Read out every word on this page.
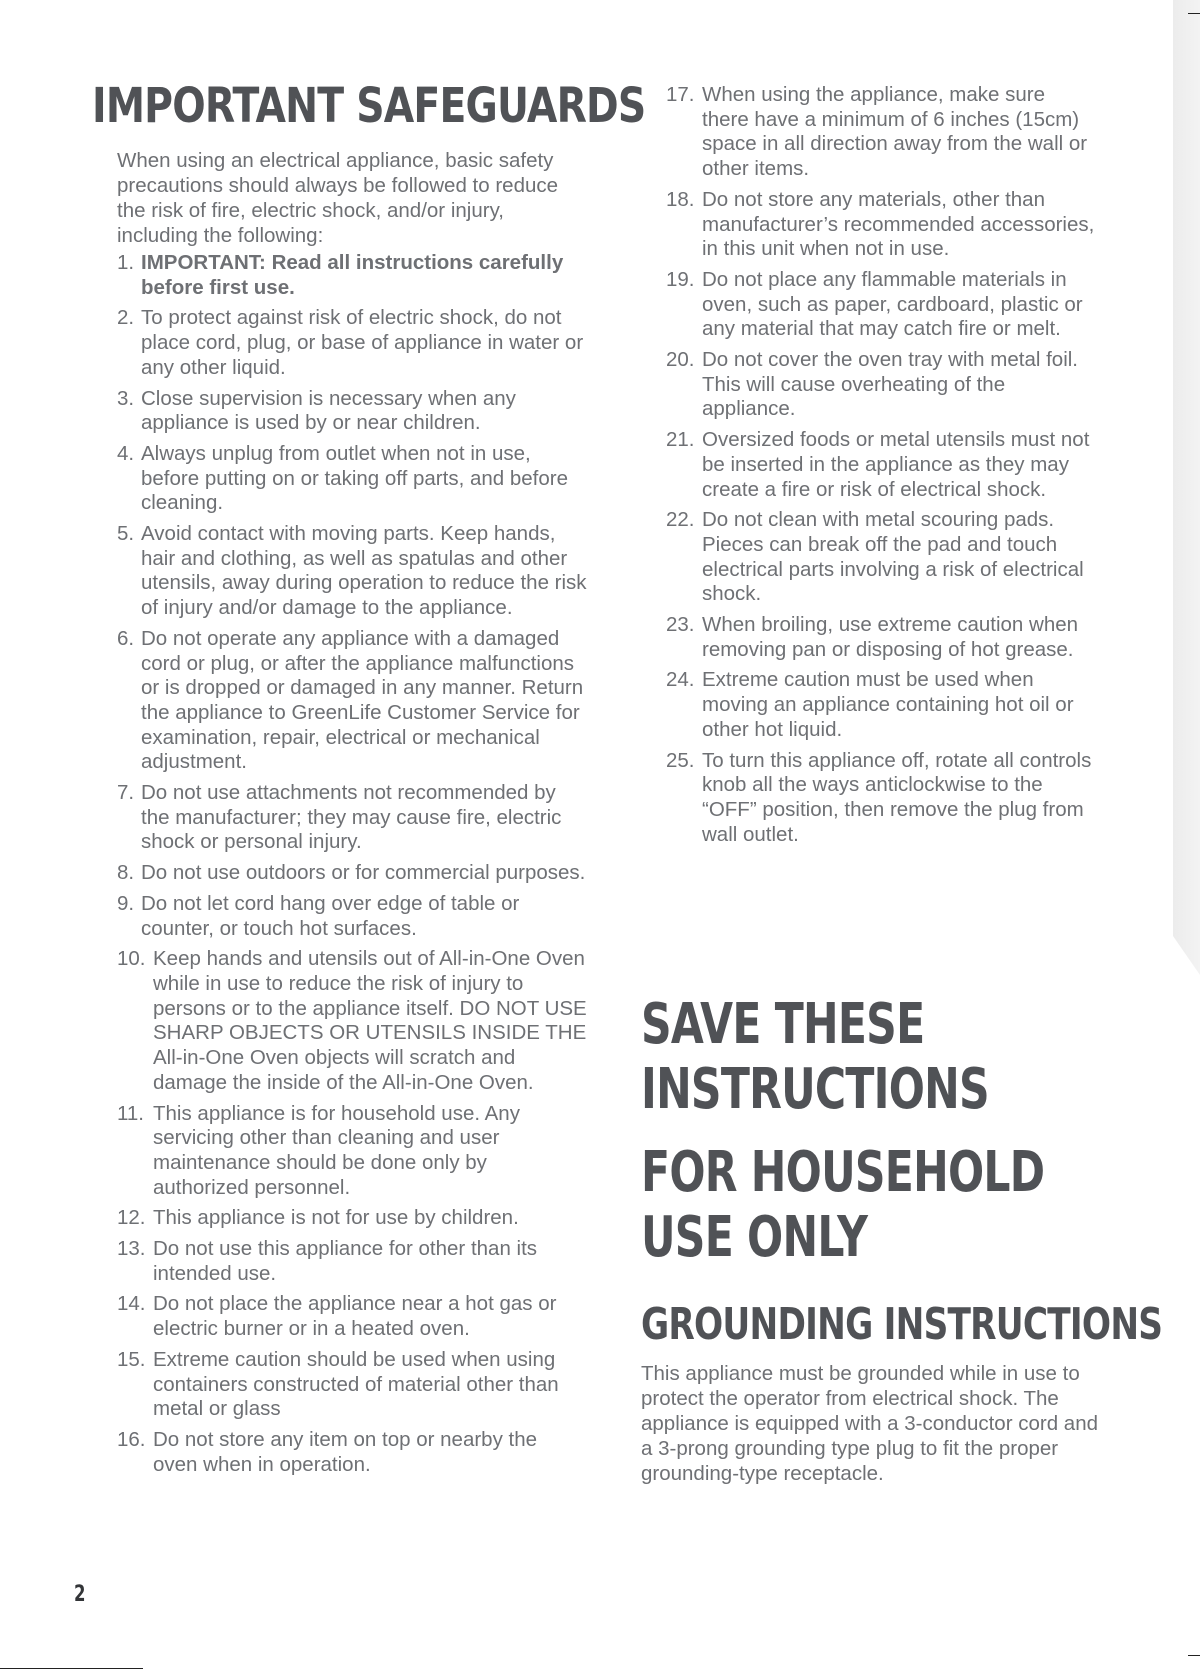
IMPORTANT SAFEGUARDS

When using an electrical appliance, basic safety precautions should always be followed to reduce the risk of fire, electric shock, and/or injury, including the following:

1. IMPORTANT: Read all instructions carefully before first use.
2. To protect against risk of electric shock, do not place cord, plug, or base of appliance in water or any other liquid.
3. Close supervision is necessary when any appliance is used by or near children.
4. Always unplug from outlet when not in use, before putting on or taking off parts, and before cleaning.
5. Avoid contact with moving parts. Keep hands, hair and clothing, as well as spatulas and other utensils, away during operation to reduce the risk of injury and/or damage to the appliance.
6. Do not operate any appliance with a damaged cord or plug, or after the appliance malfunctions or is dropped or damaged in any manner. Return the appliance to GreenLife Customer Service for examination, repair, electrical or mechanical adjustment.
7. Do not use attachments not recommended by the manufacturer; they may cause fire, electric shock or personal injury.
8. Do not use outdoors or for commercial purposes.
9. Do not let cord hang over edge of table or counter, or touch hot surfaces.
10. Keep hands and utensils out of All-in-One Oven while in use to reduce the risk of injury to persons or to the appliance itself. DO NOT USE SHARP OBJECTS OR UTENSILS INSIDE THE All-in-One Oven objects will scratch and damage the inside of the All-in-One Oven.
11. This appliance is for household use. Any servicing other than cleaning and user maintenance should be done only by authorized personnel.
12. This appliance is not for use by children.
13. Do not use this appliance for other than its intended use.
14. Do not place the appliance near a hot gas or electric burner or in a heated oven.
15. Extreme caution should be used when using containers constructed of material other than metal or glass
16. Do not store any item on top or nearby the oven when in operation.
17. When using the appliance, make sure there have a minimum of 6 inches (15cm) space in all direction away from the wall or other items.
18. Do not store any materials, other than manufacturer’s recommended accessories, in this unit when not in use.
19. Do not place any flammable materials in oven, such as paper, cardboard, plastic or any material that may catch fire or melt.
20. Do not cover the oven tray with metal foil. This will cause overheating of the appliance.
21. Oversized foods or metal utensils must not be inserted in the appliance as they may create a fire or risk of electrical shock.
22. Do not clean with metal scouring pads. Pieces can break off the pad and touch electrical parts involving a risk of electrical shock.
23. When broiling, use extreme caution when removing pan or disposing of hot grease.
24. Extreme caution must be used when moving an appliance containing hot oil or other hot liquid.
25. To turn this appliance off, rotate all controls knob all the ways anticlockwise to the “OFF” position, then remove the plug from wall outlet.
SAVE THESE
INSTRUCTIONS
FOR HOUSEHOLD
USE ONLY
GROUNDING INSTRUCTIONS

This appliance must be grounded while in use to protect the operator from electrical shock. The appliance is equipped with a 3-conductor cord and a 3-prong grounding type plug to fit the proper grounding-type receptacle.

2
